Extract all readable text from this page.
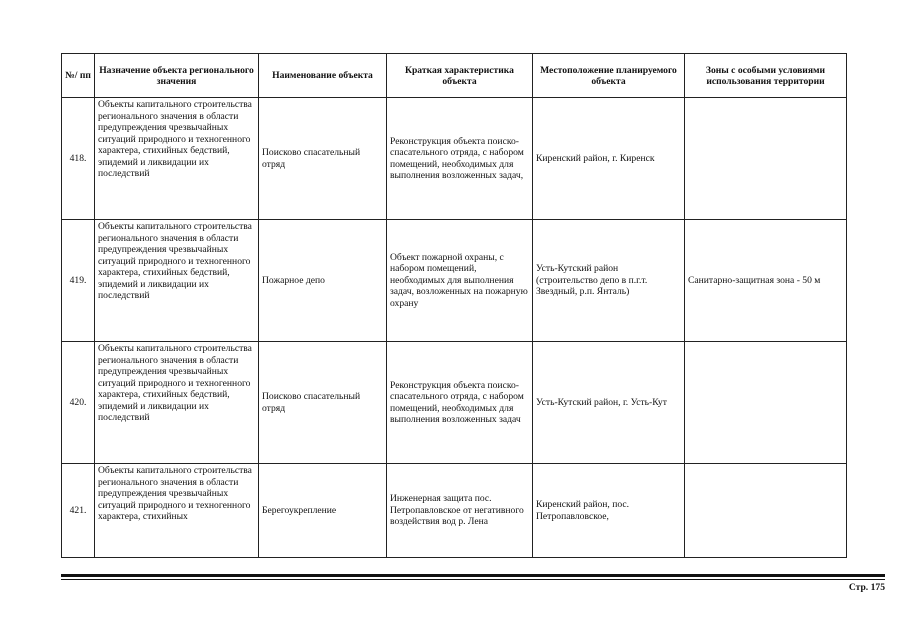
№/ пп	Назначение объекта регионального значения	Наименование объекта	Краткая характеристика объекта	Местоположение планируемого объекта	Зоны с особыми условиями использования территории
418.	Объекты капитального строительства регионального значения в области предупреждения чрезвычайных ситуаций природного и техногенного характера, стихийных бедствий, эпидемий и ликвидации их последствий	Поисково спасательный отряд	Реконструкция объекта поиско-спасательного отряда, с набором помещений, необходимых для выполнения возложенных задач,	Киренский район, г. Киренск	
419.	Объекты капитального строительства регионального значения в области предупреждения чрезвычайных ситуаций природного и техногенного характера, стихийных бедствий, эпидемий и ликвидации их последствий	Пожарное депо	Объект пожарной охраны, с набором помещений, необходимых для выполнения задач, возложенных на пожарную охрану	Усть-Кутский район (строительство депо в п.г.т. Звездный, р.п. Янталь)	Санитарно-защитная зона - 50 м
420.	Объекты капитального строительства регионального значения в области предупреждения чрезвычайных ситуаций природного и техногенного характера, стихийных бедствий, эпидемий и ликвидации их последствий	Поисково спасательный отряд	Реконструкция объекта поиско-спасательного отряда, с набором помещений, необходимых для выполнения возложенных задач	Усть-Кутский район, г. Усть-Кут	
421.	Объекты капитального строительства регионального значения в области предупреждения чрезвычайных ситуаций природного и техногенного характера, стихийных	Берегоукрепление	Инженерная защита пос. Петропавловское от негативного воздействия вод р. Лена	Киренский район, пос. Петропавловское,	
Стр. 175
